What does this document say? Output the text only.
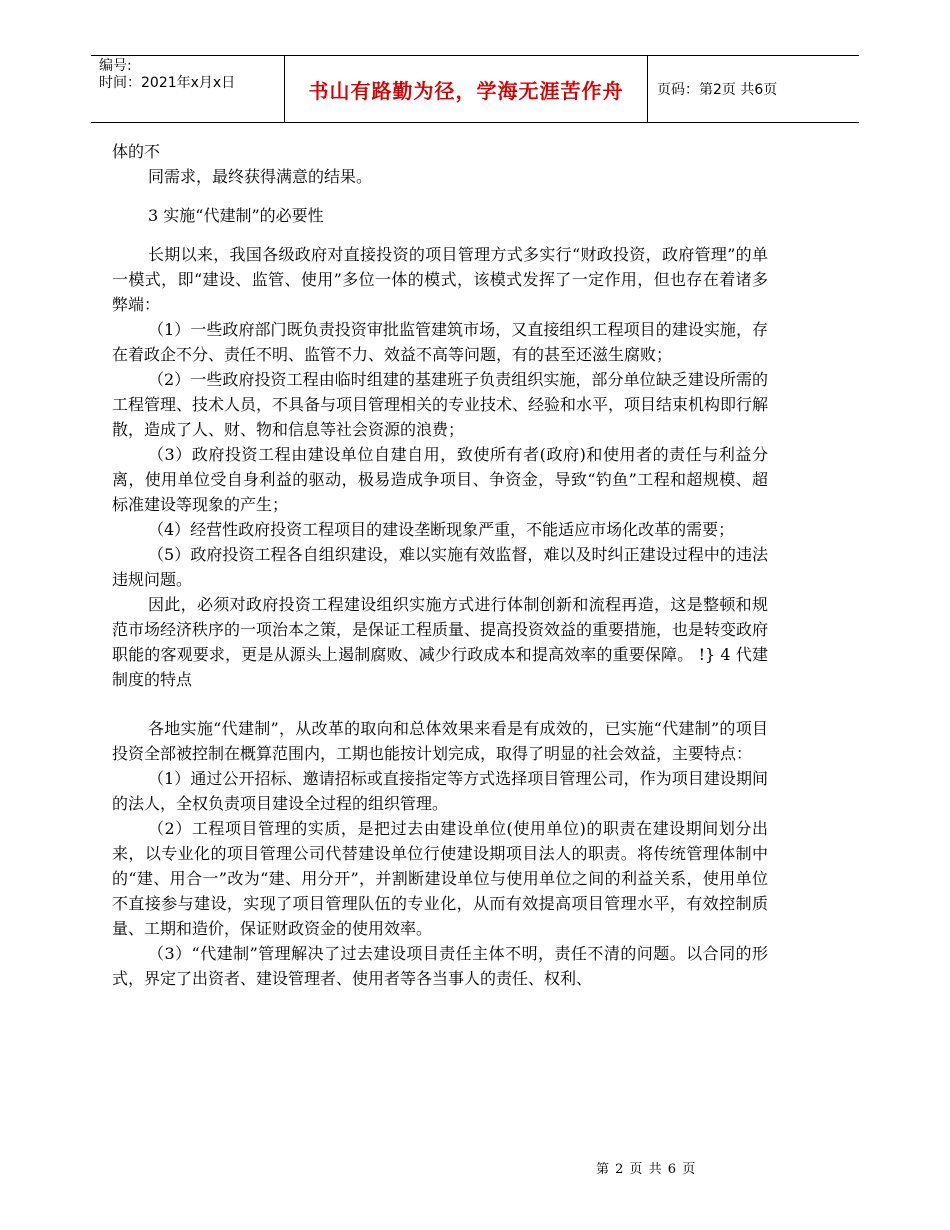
编号:
时间：2021年x月x日	书山有路勤为径，学海无涯苦作舟	页码：第2页 共6页

体的不

同需求，最终获得满意的结果。

3 实施“代建制”的必要性

长期以来，我国各级政府对直接投资的项目管理方式多实行“财政投资，政府管理”的单一模式，即“建设、监管、使用”多位一体的模式，该模式发挥了一定作用，但也存在着诸多弊端：

（1）一些政府部门既负责投资审批监管建筑市场，又直接组织工程项目的建设实施，存在着政企不分、责任不明、监管不力、效益不高等问题，有的甚至还滋生腐败；

（2）一些政府投资工程由临时组建的基建班子负责组织实施，部分单位缺乏建设所需的工程管理、技术人员，不具备与项目管理相关的专业技术、经验和水平，项目结束机构即行解散，造成了人、财、物和信息等社会资源的浪费；

（3）政府投资工程由建设单位自建自用，致使所有者(政府)和使用者的责任与利益分离，使用单位受自身利益的驱动，极易造成争项目、争资金，导致“钓鱼”工程和超规模、超标准建设等现象的产生；

（4）经营性政府投资工程项目的建设垄断现象严重，不能适应市场化改革的需要；

（5）政府投资工程各自组织建设，难以实施有效监督，难以及时纠正建设过程中的违法违规问题。

因此，必须对政府投资工程建设组织实施方式进行体制创新和流程再造，这是整顿和规范市场经济秩序的一项治本之策，是保证工程质量、提高投资效益的重要措施，也是转变政府职能的客观要求，更是从源头上遏制腐败、减少行政成本和提高效率的重要保障。 !} 4 代建制度的特点

各地实施“代建制”，从改革的取向和总体效果来看是有成效的，已实施“代建制”的项目投资全部被控制在概算范围内，工期也能按计划完成，取得了明显的社会效益，主要特点：

（1）通过公开招标、邀请招标或直接指定等方式选择项目管理公司，作为项目建设期间的法人，全权负责项目建设全过程的组织管理。

（2）工程项目管理的实质，是把过去由建设单位(使用单位)的职责在建设期间划分出来，以专业化的项目管理公司代替建设单位行使建设期项目法人的职责。将传统管理体制中的“建、用合一”改为“建、用分开”，并割断建设单位与使用单位之间的利益关系，使用单位不直接参与建设，实现了项目管理队伍的专业化，从而有效提高项目管理水平，有效控制质量、工期和造价，保证财政资金的使用效率。

（3）“代建制”管理解决了过去建设项目责任主体不明，责任不清的问题。以合同的形式，界定了出资者、建设管理者、使用者等各当事人的责任、权利、

第 2 页 共 6 页
